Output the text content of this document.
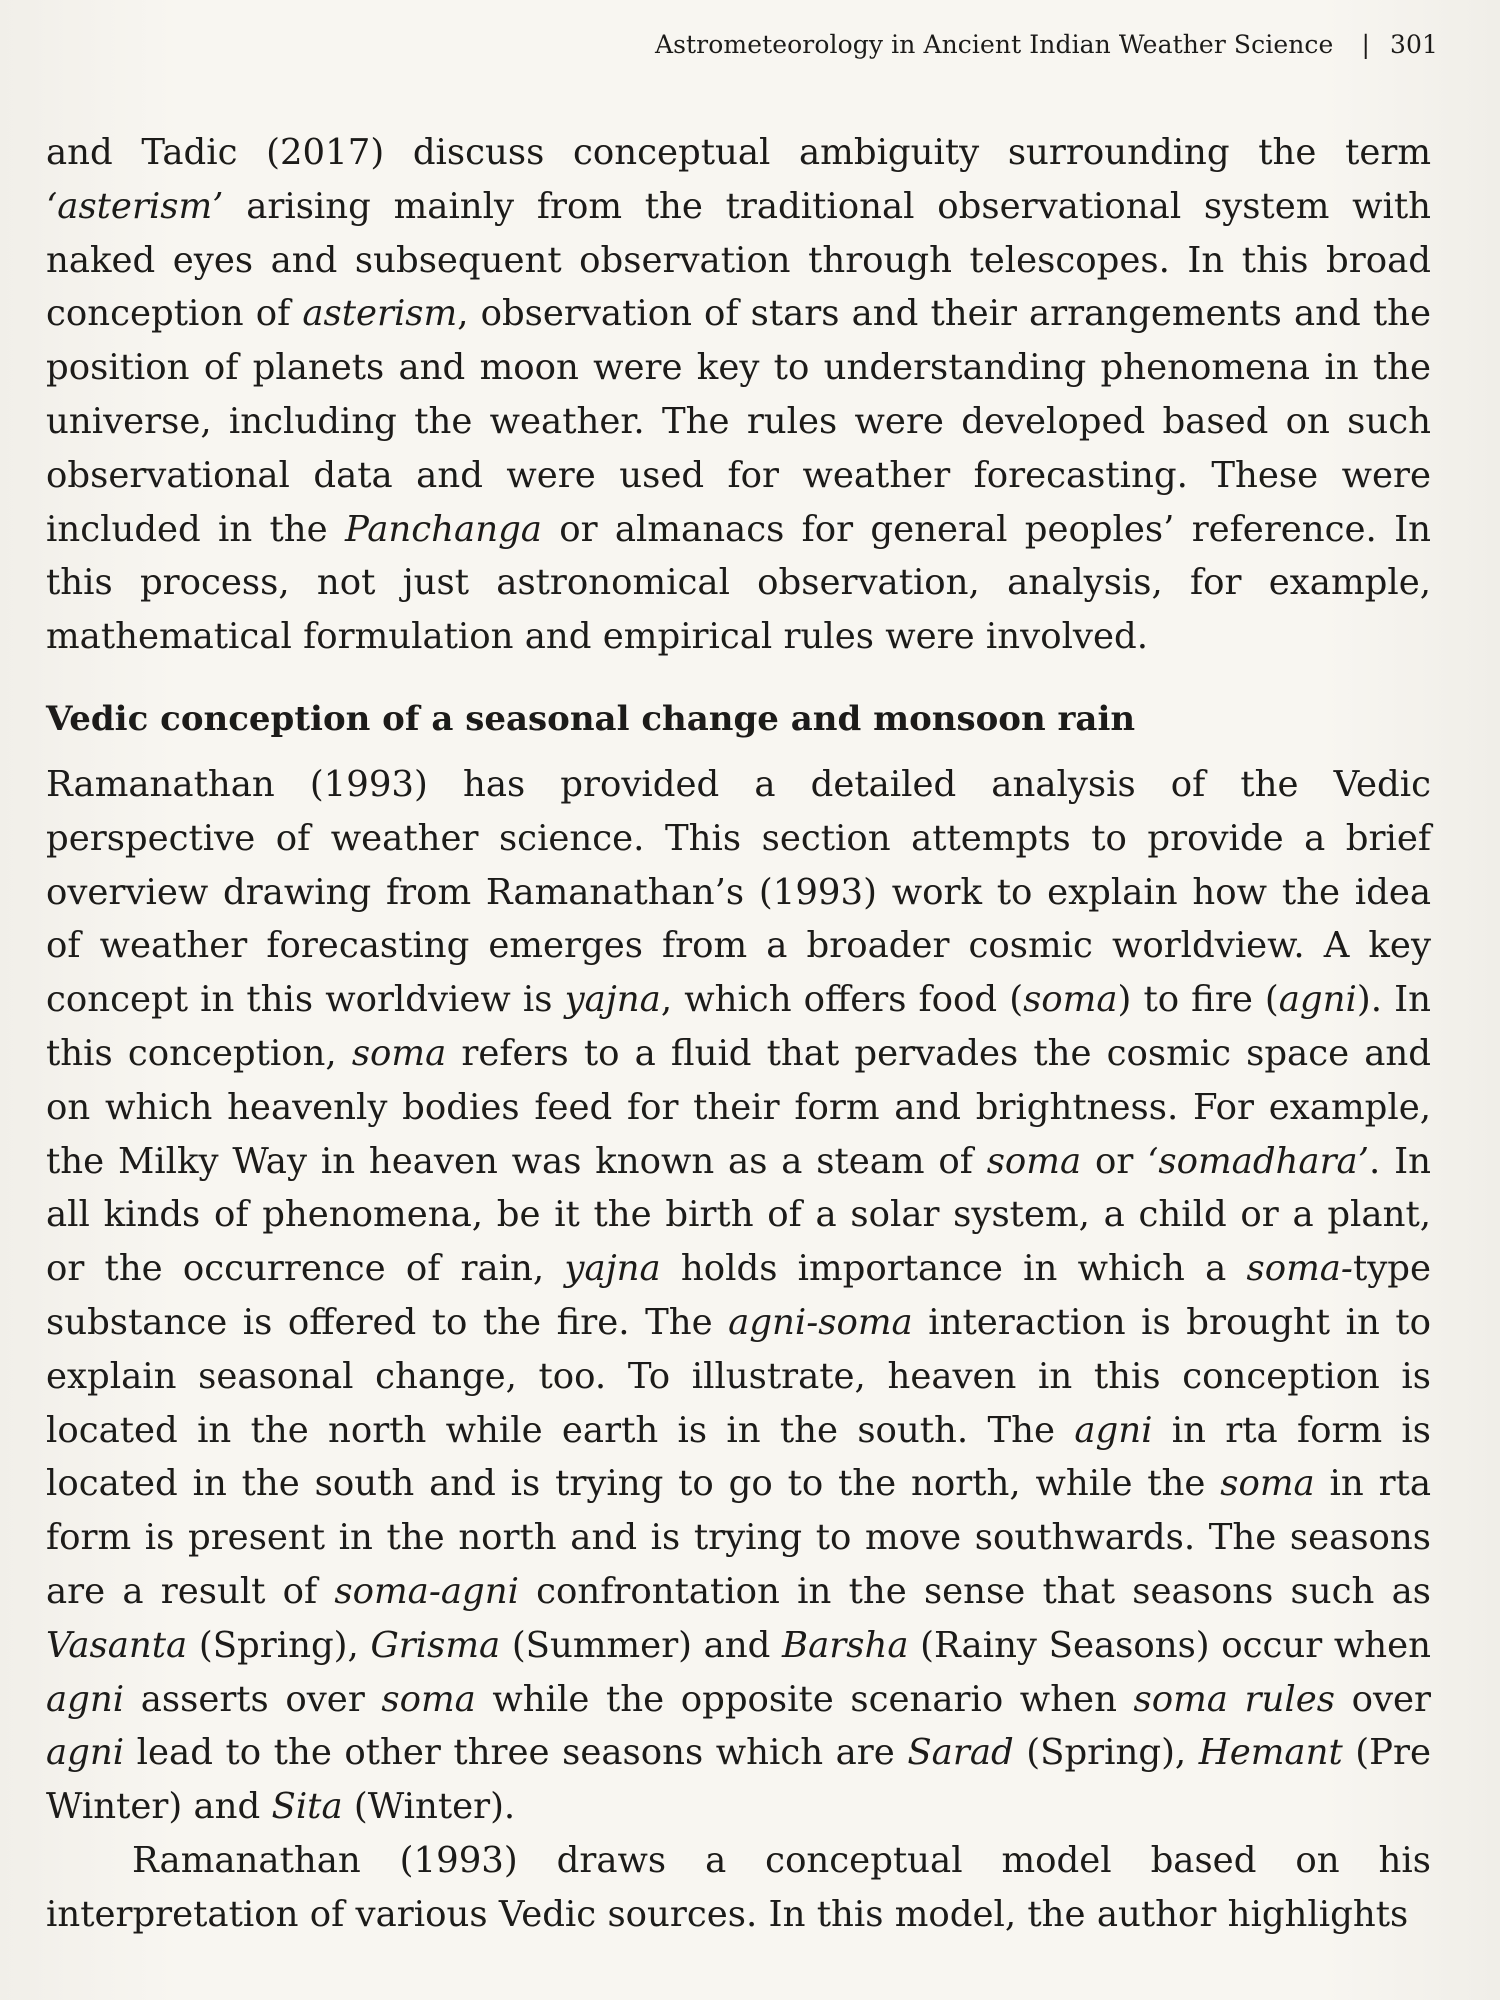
Astrometeorology in Ancient Indian Weather Science | 301

and Tadic (2017) discuss conceptual ambiguity surrounding the term ‘asterism’ arising mainly from the traditional observational system with naked eyes and subsequent observation through telescopes. In this broad conception of asterism, observation of stars and their arrangements and the position of planets and moon were key to understanding phenomena in the universe, including the weather. The rules were developed based on such observational data and were used for weather forecasting. These were included in the Panchanga or almanacs for general peoples’ reference. In this process, not just astronomical observation, analysis, for example, mathematical formulation and empirical rules were involved.

Vedic conception of a seasonal change and monsoon rain

Ramanathan (1993) has provided a detailed analysis of the Vedic perspective of weather science. This section attempts to provide a brief overview drawing from Ramanathan’s (1993) work to explain how the idea of weather forecasting emerges from a broader cosmic worldview. A key concept in this worldview is yajna, which offers food (soma) to fire (agni). In this conception, soma refers to a fluid that pervades the cosmic space and on which heavenly bodies feed for their form and brightness. For example, the Milky Way in heaven was known as a steam of soma or ‘somadhara’. In all kinds of phenomena, be it the birth of a solar system, a child or a plant, or the occurrence of rain, yajna holds importance in which a soma-type substance is offered to the fire. The agni-soma interaction is brought in to explain seasonal change, too. To illustrate, heaven in this conception is located in the north while earth is in the south. The agni in rta form is located in the south and is trying to go to the north, while the soma in rta form is present in the north and is trying to move southwards. The seasons are a result of soma-agni confrontation in the sense that seasons such as Vasanta (Spring), Grisma (Summer) and Barsha (Rainy Seasons) occur when agni asserts over soma while the opposite scenario when soma rules over agni lead to the other three seasons which are Sarad (Spring), Hemant (Pre Winter) and Sita (Winter).

Ramanathan (1993) draws a conceptual model based on his interpretation of various Vedic sources. In this model, the author highlights
